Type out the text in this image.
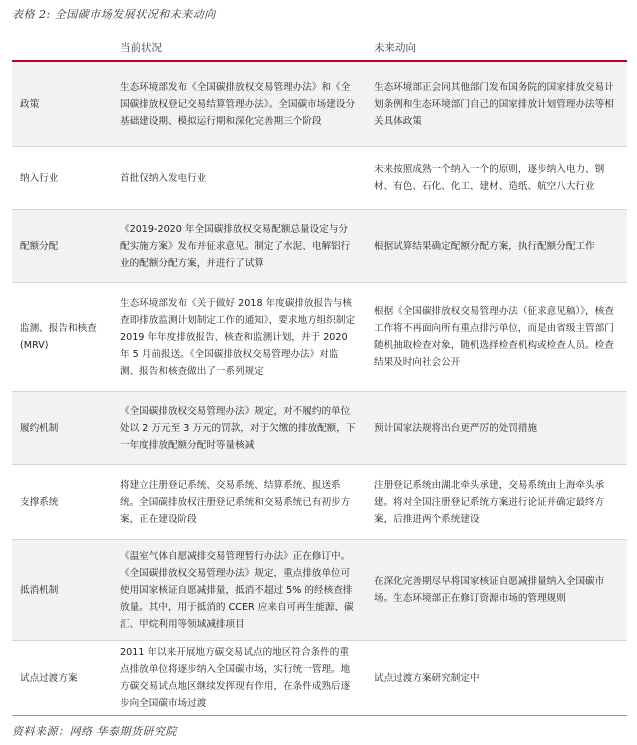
表格 2: 全国碳市场发展状况和未来动向
当前状况	未来动向
政策
生态环境部发布《全国碳排放权交易管理办法》和《全国碳排放权登记交易结算管理办法》。全国碳市场建设分基础建设期、模拟运行期和深化完善期三个阶段
生态环境部正会同其他部门发布国务院的国家排放交易计划条例和生态环境部门自己的国家排放计划管理办法等相关具体政策
纳入行业	首批仅纳入发电行业
未来按照成熟一个纳入一个的原则，逐步纳入电力、钢材、有色、石化、化工、建材、造纸、航空八大行业
配额分配
《2019-2020 年全国碳排放权交易配额总量设定与分配实施方案》发布并征求意见。制定了水泥、电解铝行业的配额分配方案，并进行了试算
根据试算结果确定配额分配方案，执行配额分配工作
监测、报告和核查(MRV)
生态环境部发布《关于做好 2018 年度碳排放报告与核查即排放监测计划制定工作的通知》，要求地方组织制定 2019 年年度排放报告、核查和监测计划，并于 2020 年 5 月前报送。《全国碳排放权交易管理办法》对监测、报告和核查做出了一系列规定
根据《全国碳排放权交易管理办法（征求意见稿）》，核查工作将不再面向所有重点排污单位，而是由省级主管部门随机抽取检查对象，随机选择检查机构或检查人员。检查结果及时向社会公开
履约机制
《全国碳排放权交易管理办法》规定，对不履约的单位处以 2 万元至 3 万元的罚款，对于欠缴的排放配额，下一年度排放配额分配时等量核减
预计国家法规将出台更严厉的处罚措施
支撑系统
将建立注册登记系统、交易系统、结算系统、报送系统。全国碳排放权注册登记系统和交易系统已有初步方案，正在建设阶段
注册登记系统由湖北牵头承建，交易系统由上海牵头承建。将对全国注册登记系统方案进行论证并确定最终方案，后推进两个系统建设
抵消机制
《温室气体自愿减排交易管理暂行办法》正在修订中。《全国碳排放权交易管理办法》规定，重点排放单位可使用国家核证自愿减排量，抵消不超过 5% 的经核查排放量。其中，用于抵消的 CCER 应来自可再生能源、碳汇、甲烷利用等领域减排项目
在深化完善期尽早将国家核证自愿减排量纳入全国碳市场。生态环境部正在修订资源市场的管理规则
试点过渡方案
2011 年以来开展地方碳交易试点的地区符合条件的重点排放单位将逐步纳入全国碳市场，实行统一管理。地方碳交易试点地区继续发挥现有作用，在条件成熟后逐步向全国碳市场过渡
试点过渡方案研究制定中
资料来源：网络 华泰期货研究院
